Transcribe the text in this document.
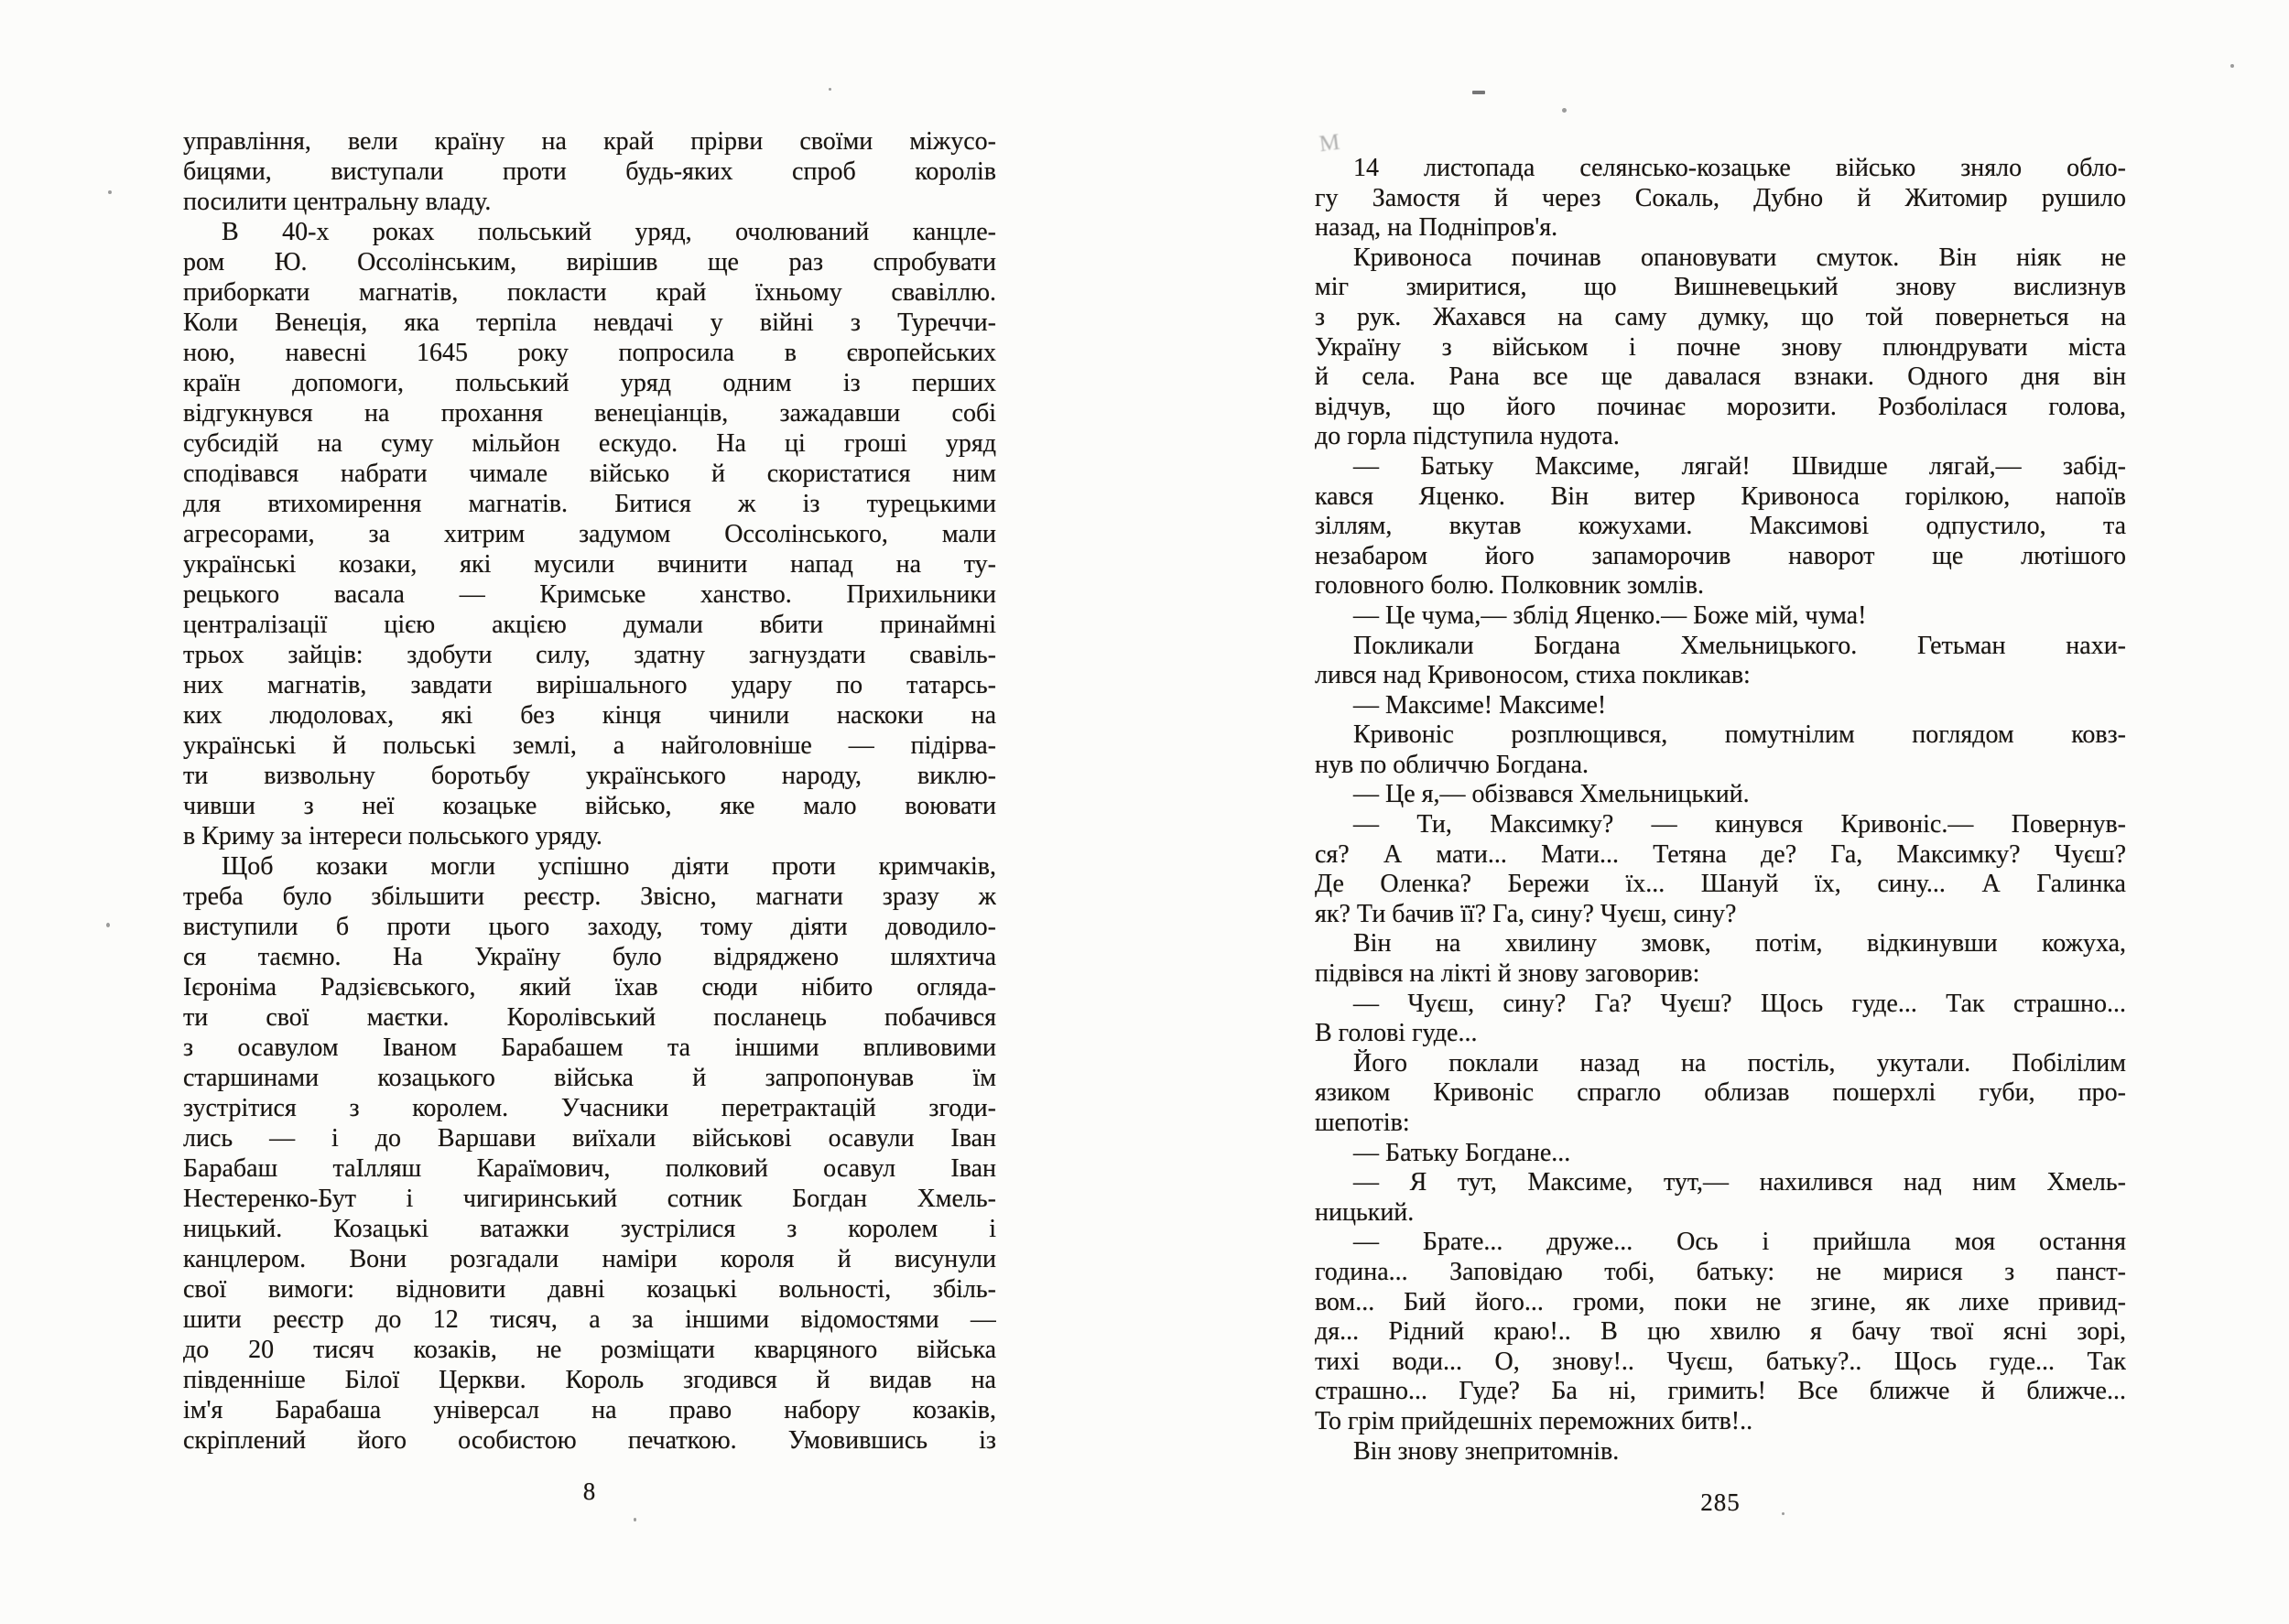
управління, вели країну на край прірви своїми міжусо-
бицями, виступали проти будь-яких спроб королів
посилити центральну владу.
В 40-х роках польський уряд, очолюваний канцле-
ром Ю. Оссолінським, вирішив ще раз спробувати
приборкати магнатів, покласти край їхньому свавіллю.
Коли Венеція, яка терпіла невдачі у війні з Туреччи-
ною, навесні 1645 року попросила в європейських
країн допомоги, польський уряд одним із перших
відгукнувся на прохання венеціанців, зажадавши собі
субсидій на суму мільйон ескудо. На ці гроші уряд
сподівався набрати чимале військо й скористатися ним
для втихомирення магнатів. Битися ж із турецькими
агресорами, за хитрим задумом Оссолінського, мали
українські козаки, які мусили вчинити напад на ту-
рецького васала — Кримське ханство. Прихильники
централізації цією акцією думали вбити принаймні
трьох зайців: здобути силу, здатну загнуздати свавіль-
них магнатів, завдати вирішального удару по татарсь-
ких людоловах, які без кінця чинили наскоки на
українські й польські землі, а найголовніше — підірва-
ти визвольну боротьбу українського народу, виклю-
чивши з неї козацьке військо, яке мало воювати
в Криму за інтереси польського уряду.
Щоб козаки могли успішно діяти проти кримчаків,
треба було збільшити реєстр. Звісно, магнати зразу ж
виступили б проти цього заходу, тому діяти доводило-
ся таємно. На Україну було відряджено шляхтича
Ієроніма Радзієвського, який їхав сюди нібито огляда-
ти свої маєтки. Королівський посланець побачився
з осавулом Іваном Барабашем та іншими впливовими
старшинами козацького війська й запропонував їм
зустрітися з королем. Учасники перетрактацій згоди-
лись — і до Варшави виїхали військові осавули Іван
Барабаш таІлляш Караїмович, полковий осавул Іван
Нестеренко-Бут і чигиринський сотник Богдан Хмель-
ницький. Козацькі ватажки зустрілися з королем і
канцлером. Вони розгадали наміри короля й висунули
свої вимоги: відновити давні козацькі вольності, збіль-
шити реєстр до 12 тисяч, а за іншими відомостями —
до 20 тисяч козаків, не розміщати кварцяного війська
південніше Білої Церкви. Король згодився й видав на
ім'я Барабаша універсал на право набору козаків,
скріплений його особистою печаткою. Умовившись із
8
14 листопада селянсько-козацьке військо зняло обло-
гу Замостя й через Сокаль, Дубно й Житомир рушило
назад, на Подніпров'я.
Кривоноса починав опановувати смуток. Він ніяк не
міг змиритися, що Вишневецький знову вислизнув
з рук. Жахався на саму думку, що той повернеться на
Україну з військом і почне знову плюндрувати міста
й села. Рана все ще давалася взнаки. Одного дня він
відчув, що його починає морозити. Розболілася голова,
до горла підступила нудота.
— Батьку Максиме, лягай! Швидше лягай,— забід-
кався Яценко. Він витер Кривоноса горілкою, напоїв
зіллям, вкутав кожухами. Максимові одпустило, та
незабаром його запаморочив наворот ще лютішого
головного болю. Полковник зомлів.
— Це чума,— зблід Яценко.— Боже мій, чума!
Покликали Богдана Хмельницького. Гетьман нахи-
лився над Кривоносом, стиха покликав:
— Максиме! Максиме!
Кривоніс розплющився, помутнілим поглядом ковз-
нув по обличчю Богдана.
— Це я,— обізвався Хмельницький.
— Ти, Максимку? — кинувся Кривоніс.— Повернув-
ся? А мати... Мати... Тетяна де? Га, Максимку? Чуєш?
Де Оленка? Бережи їх... Шануй їх, сину... А Галинка
як? Ти бачив її? Га, сину? Чуєш, сину?
Він на хвилину змовк, потім, відкинувши кожуха,
підвівся на лікті й знову заговорив:
— Чуєш, сину? Га? Чуєш? Щось гуде... Так страшно...
В голові гуде...
Його поклали назад на постіль, укутали. Побілілим
язиком Кривоніс спрагло облизав пошерхлі губи, про-
шепотів:
— Батьку Богдане...
— Я тут, Максиме, тут,— нахилився над ним Хмель-
ницький.
— Брате... друже... Ось і прийшла моя остання
година... Заповідаю тобі, батьку: не мирися з панст-
вом... Бий його... громи, поки не згине, як лихе привид-
дя... Рідний краю!.. В цю хвилю я бачу твої ясні зорі,
тихі води... О, знову!.. Чуєш, батьку?.. Щось гуде... Так
страшно... Гуде? Ба ні, гримить! Все ближче й ближче...
То грім прийдешніх переможних битв!..
Він знову знепритомнів.
285
М
